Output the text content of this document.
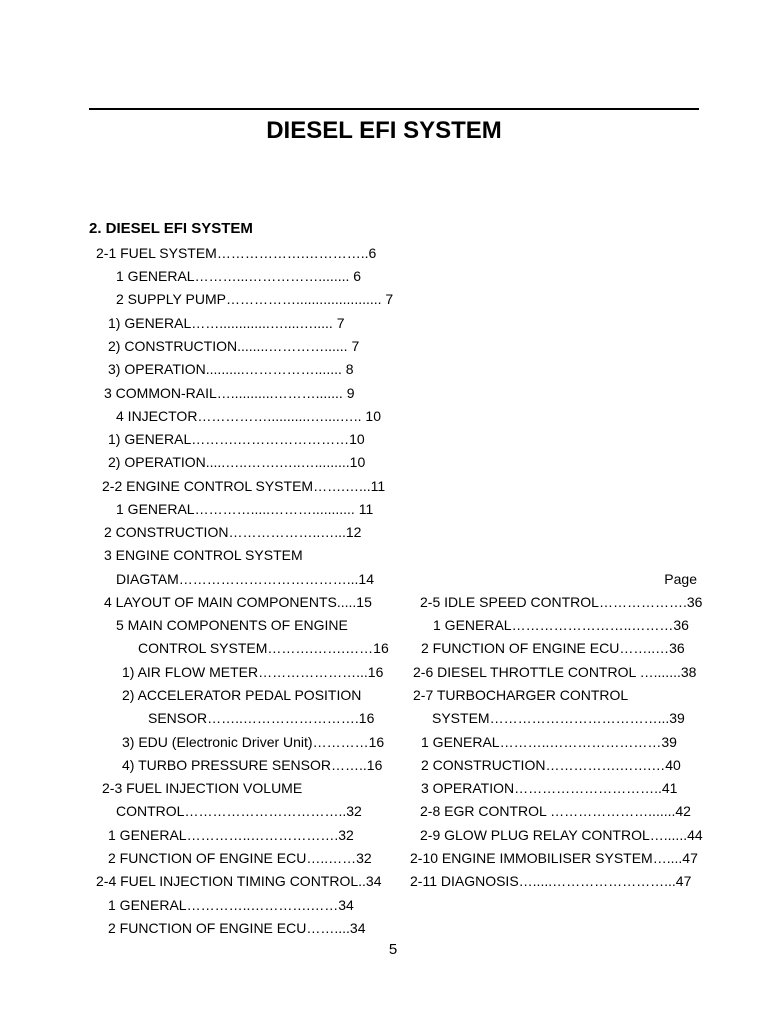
DIESEL EFI SYSTEM
2. DIESEL EFI SYSTEM
2-1 FUEL SYSTEM……………….…………..6
1 GENERAL………...……………........ 6
2 SUPPLY PUMP……………...................... 7
1) GENERAL…….............…....…..... 7
2) CONSTRUCTION........…………...... 7
3) OPERATION..........……………....... 8
3 COMMON-RAIL…...........………....... 9
4 INJECTOR……………...........…....….. 10
1) GENERAL……….……………………10
2) OPERATION.....…..…….…..….........10
2-2 ENGINE CONTROL SYSTEM…….…...11
1 GENERAL………….....………........... 11
2 CONSTRUCTION………………..…...12
3 ENGINE CONTROL SYSTEM
DIAGTAM………………………………...14
4 LAYOUT OF MAIN COMPONENTS.....15
5 MAIN COMPONENTS OF ENGINE
CONTROL SYSTEM……….…….……16
1) AIR FLOW METER…………………...16
2) ACCELERATOR PEDAL POSITION
SENSOR……..…………………….16
3) EDU (Electronic Driver Unit)…………16
4) TURBO PRESSURE SENSOR……..16
2-3 FUEL INJECTION VOLUME
CONTROL……………………………..32
1 GENERAL…………..……………….32
2 FUNCTION OF ENGINE ECU…..……32
2-4 FUEL INJECTION TIMING CONTROL..34
1 GENERAL…………..………….……34
2 FUNCTION OF ENGINE ECU……....34
Page
2-5 IDLE SPEED CONTROL……………….36
1 GENERAL……………………..………36
2 FUNCTION OF ENGINE ECU……..…36
2-6 DIESEL THROTTLE CONTROL ….......38
2-7 TURBOCHARGER CONTROL
SYSTEM………………………………...39
1 GENERAL………..……………………39
2 CONSTRUCTION…………….…….…40
3 OPERATION…………………………..41
2-8 EGR CONTROL ………………….......42
2-9 GLOW PLUG RELAY CONTROL…......44
2-10 ENGINE IMMOBILISER SYSTEM…....47
2-11 DIAGNOSIS….....……………………...47
5
